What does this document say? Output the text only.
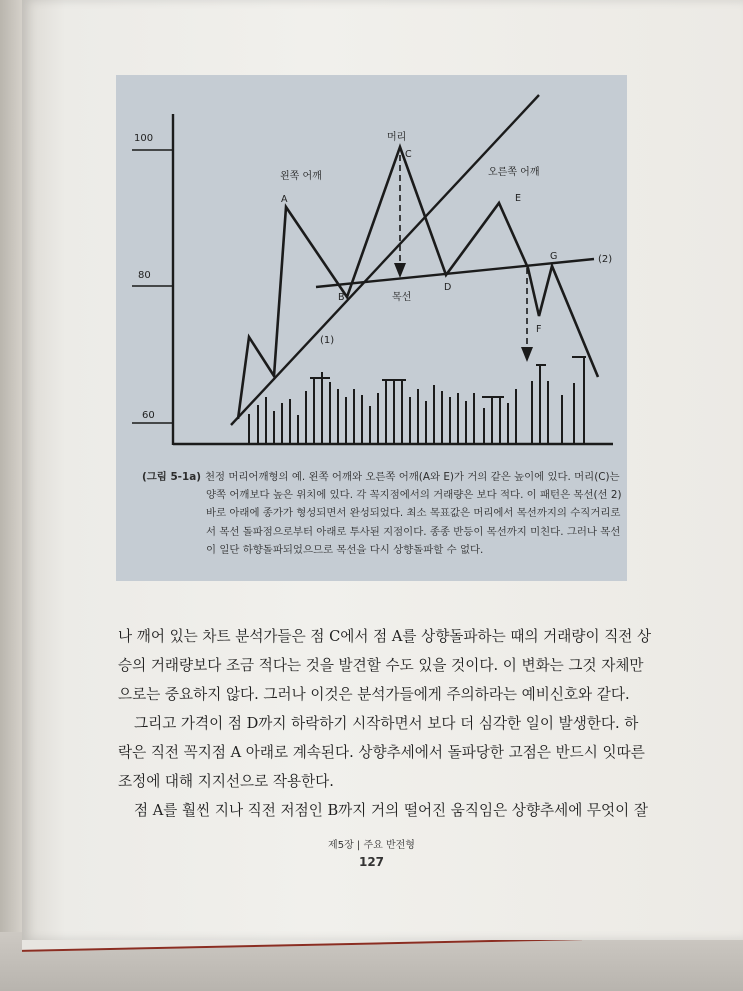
100
80
60
머리
왼쪽 어깨	오른쪽 어깨
목선
(1)
(2)
A
B
C
D
E
F
G
(그림 5-1a) 천정 머리어깨형의 예. 왼쪽 어깨와 오른쪽 어깨(A와 E)가 거의 같은 높이에 있다. 머리(C)는
양쪽 어깨보다 높은 위치에 있다. 각 꼭지점에서의 거래량은 보다 적다. 이 패턴은 목선(선 2)
바로 아래에 종가가 형성되면서 완성되었다. 최소 목표값은 머리에서 목선까지의 수직거리로
서 목선 돌파점으로부터 아래로 투사된 지점이다. 종종 반등이 목선까지 미친다. 그러나 목선
이 일단 하향돌파되었으므로 목선을 다시 상향돌파할 수 없다.

나 깨어 있는 차트 분석가들은 점 C에서 점 A를 상향돌파하는 때의 거래량이 직전 상
승의 거래량보다 조금 적다는 것을 발견할 수도 있을 것이다. 이 변화는 그것 자체만
으로는 중요하지 않다. 그러나 이것은 분석가들에게 주의하라는 예비신호와 같다.

그리고 가격이 점 D까지 하락하기 시작하면서 보다 더 심각한 일이 발생한다. 하
락은 직전 꼭지점 A 아래로 계속된다. 상향추세에서 돌파당한 고점은 반드시 잇따른
조정에 대해 지지선으로 작용한다.

점 A를 훨씬 지나 직전 저점인 B까지 거의 떨어진 움직임은 상향추세에 무엇이 잘

제5장 | 주요 반전형
127
